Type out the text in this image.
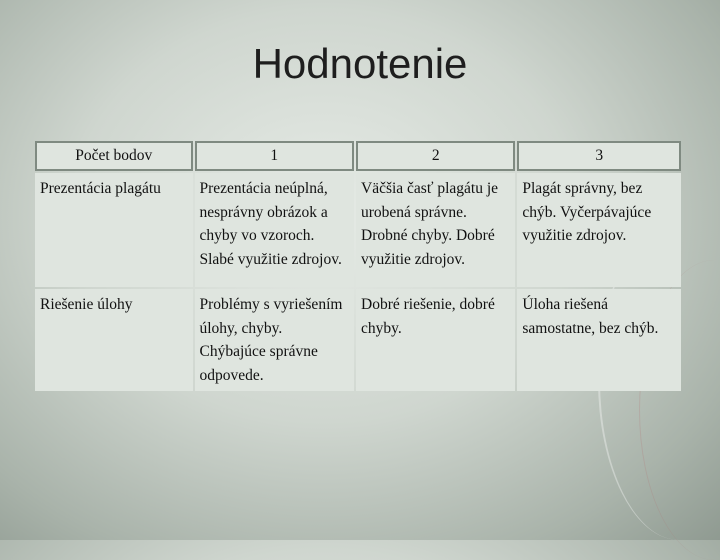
Hodnotenie
Počet bodov	1	2	3
Prezentácia plagátu	Prezentácia neúplná, nesprávny obrázok a chyby vo vzoroch. Slabé využitie zdrojov.	Väčšia časť plagátu je urobená správne. Drobné chyby. Dobré využitie zdrojov.	Plagát správny, bez chýb. Vyčerpávajúce využitie zdrojov.
Riešenie úlohy	Problémy s vyriešením úlohy, chyby. Chýbajúce správne odpovede.	Dobré riešenie, dobré chyby.	Úloha riešená samostatne, bez chýb.
